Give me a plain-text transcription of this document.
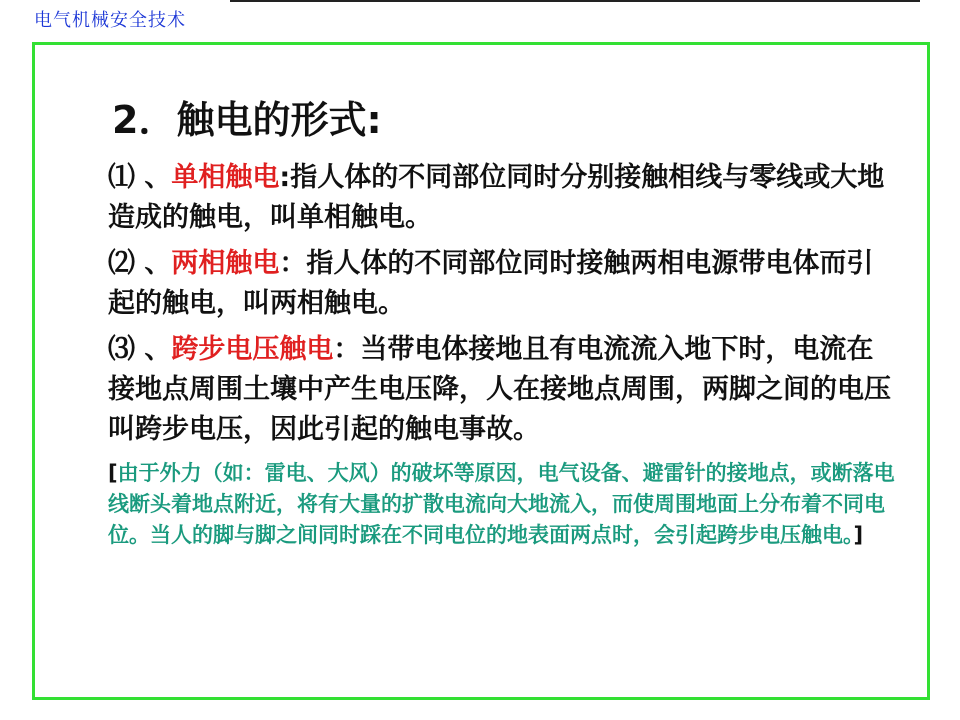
电气机械安全技术
2．触电的形式:
⑴ 、单相触电:指人体的不同部位同时分别接触相线与零线或大地造成的触电，叫单相触电。
⑵ 、两相触电：指人体的不同部位同时接触两相电源带电体而引起的触电，叫两相触电。
⑶ 、跨步电压触电：当带电体接地且有电流流入地下时，电流在接地点周围土壤中产生电压降，人在接地点周围，两脚之间的电压叫跨步电压，因此引起的触电事故。
[由于外力（如：雷电、大风）的破坏等原因，电气设备、避雷针的接地点，或断落电线断头着地点附近，将有大量的扩散电流向大地流入，而使周围地面上分布着不同电位。当人的脚与脚之间同时踩在不同电位的地表面两点时，会引起跨步电压触电。]
